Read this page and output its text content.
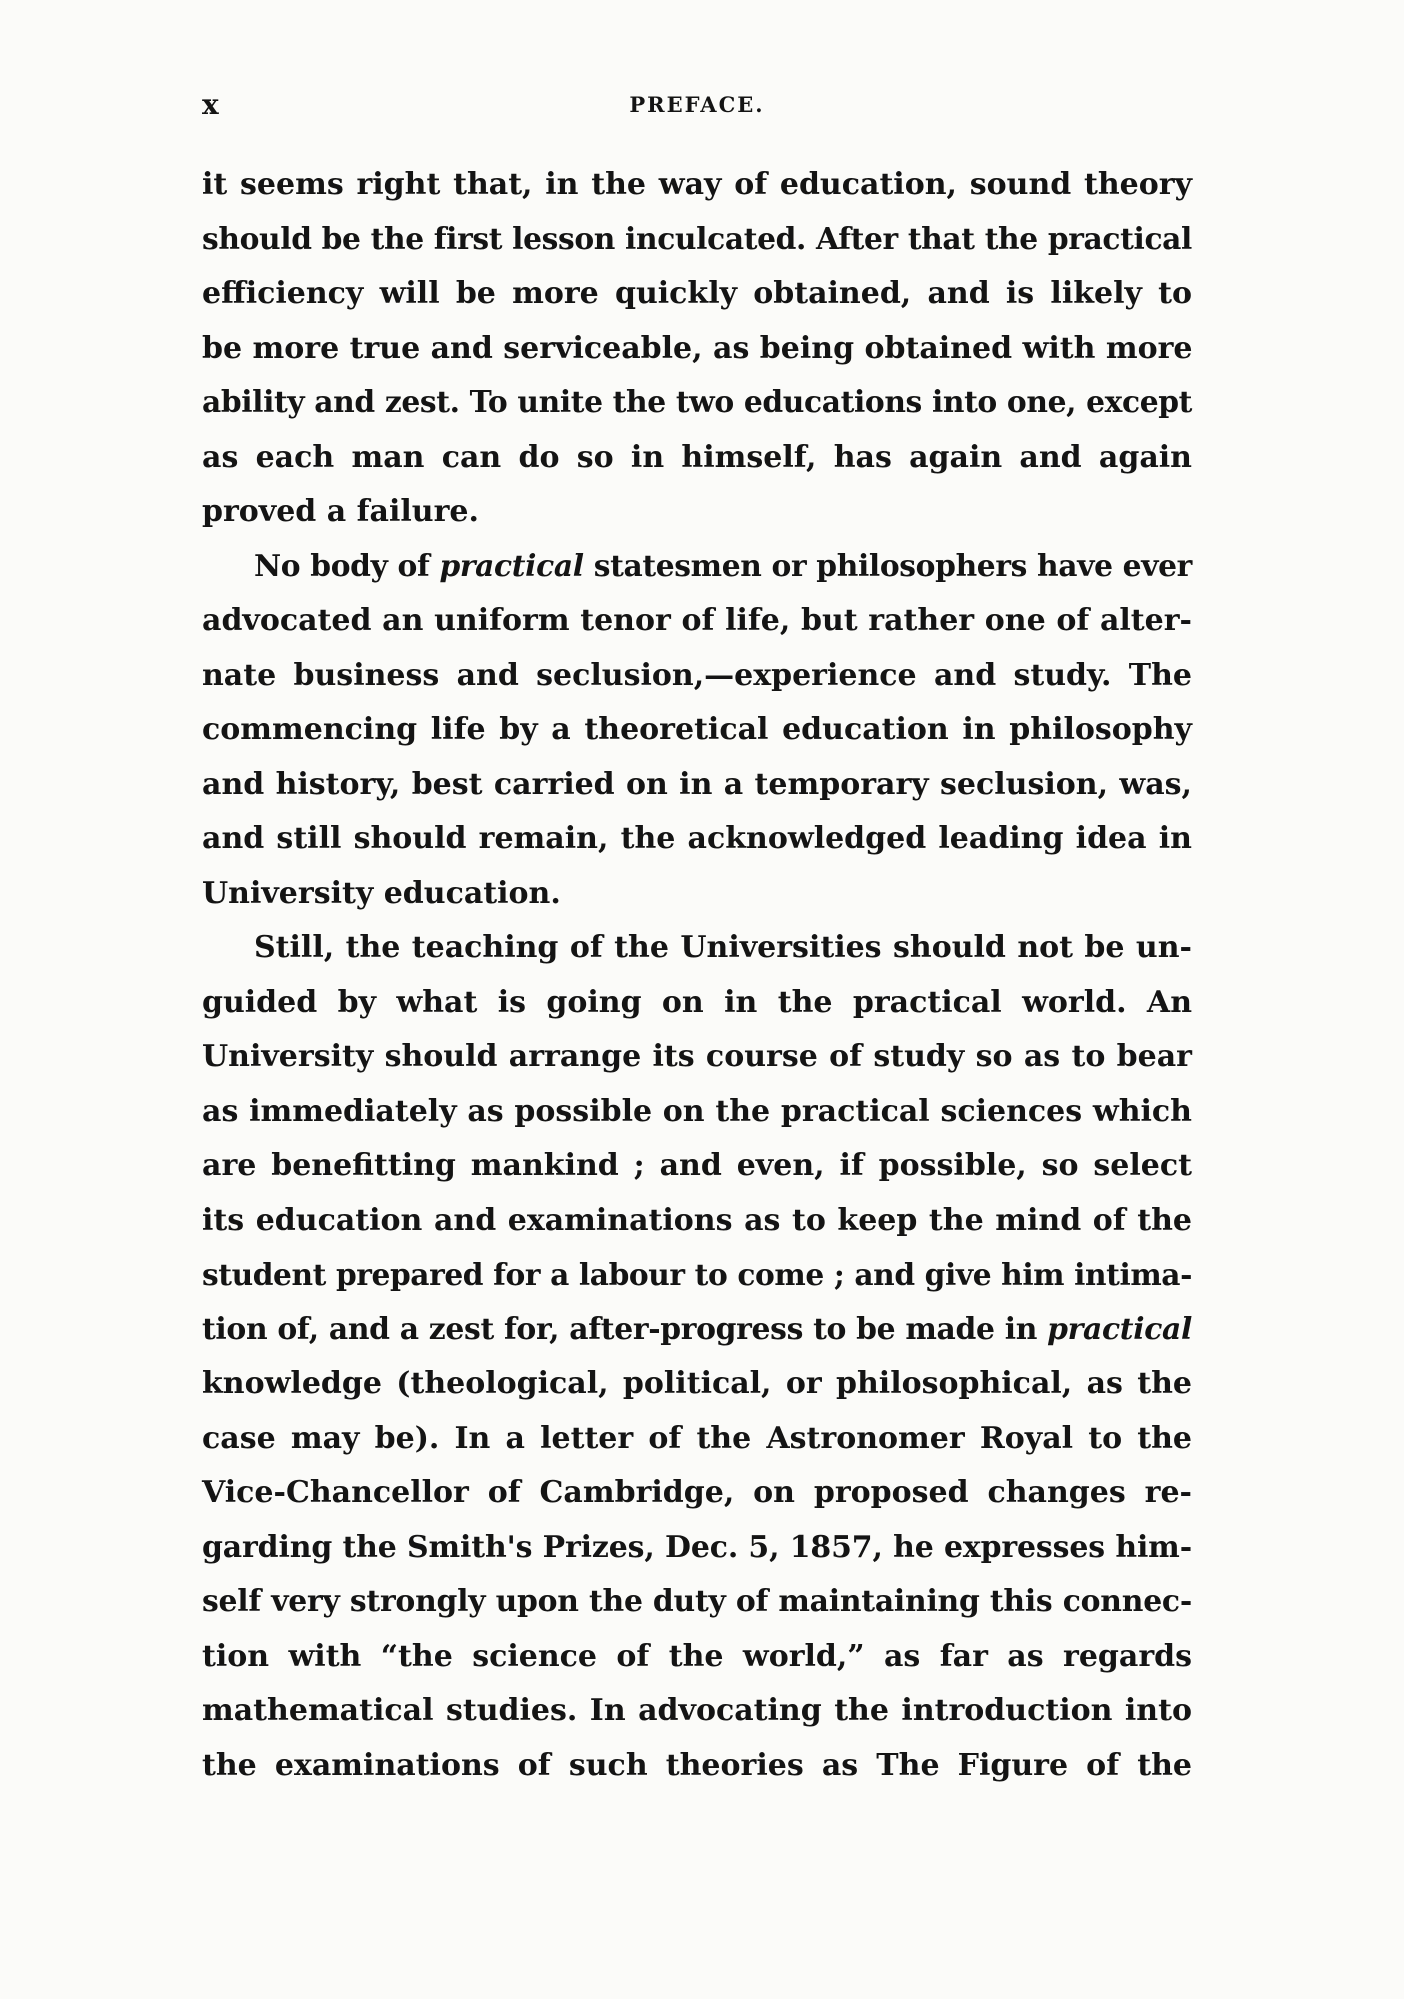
x	PREFACE.
it seems right that, in the way of education, sound theory
should be the first lesson inculcated. After that the practical
efficiency will be more quickly obtained, and is likely to
be more true and serviceable, as being obtained with more
ability and zest. To unite the two educations into one, except
as each man can do so in himself, has again and again
proved a failure.
No body of practical statesmen or philosophers have ever
advocated an uniform tenor of life, but rather one of alter-
nate business and seclusion,—experience and study. The
commencing life by a theoretical education in philosophy
and history, best carried on in a temporary seclusion, was,
and still should remain, the acknowledged leading idea in
University education.
Still, the teaching of the Universities should not be un-
guided by what is going on in the practical world. An
University should arrange its course of study so as to bear
as immediately as possible on the practical sciences which
are benefitting mankind ; and even, if possible, so select
its education and examinations as to keep the mind of the
student prepared for a labour to come ; and give him intima-
tion of, and a zest for, after-progress to be made in practical
knowledge (theological, political, or philosophical, as the
case may be). In a letter of the Astronomer Royal to the
Vice-Chancellor of Cambridge, on proposed changes re-
garding the Smith's Prizes, Dec. 5, 1857, he expresses him-
self very strongly upon the duty of maintaining this connec-
tion with “the science of the world,” as far as regards
mathematical studies. In advocating the introduction into
the examinations of such theories as The Figure of the
